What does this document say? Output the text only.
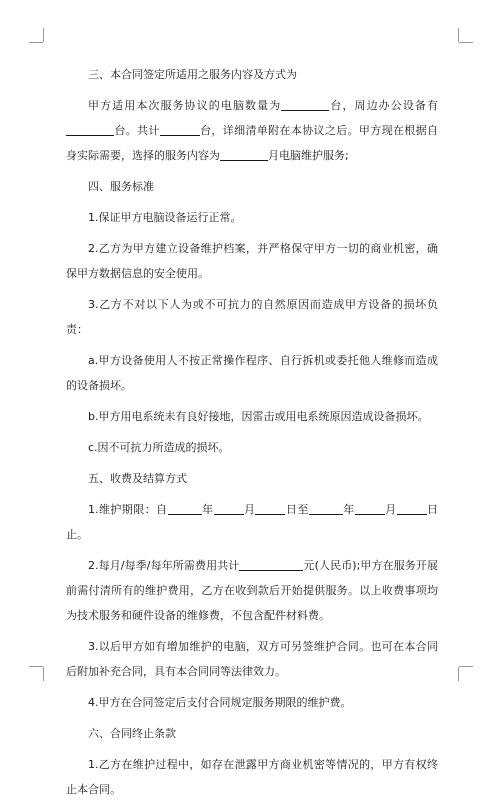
三、本合同签定所适用之服务内容及方式为

甲方适用本次服务协议的电脑数量为	台，周边办公设备有台。共计	台，详细清单附在本协议之后。甲方现在根据自身实际需要，选择的服务内容为	月电脑维护服务;

四、服务标准

1.保证甲方电脑设备运行正常。

2.乙方为甲方建立设备维护档案，并严格保守甲方一切的商业机密，确保甲方数据信息的安全使用。

3.乙方不对以下人为或不可抗力的自然原因而造成甲方设备的损坏负责：

a.甲方设备使用人不按正常操作程序、自行拆机或委托他人维修而造成的设备损坏。

b.甲方用电系统未有良好接地，因雷击或用电系统原因造成设备损坏。

c.因不可抗力所造成的损坏。

五、收费及结算方式

1.维护期限：自	年	月	日至	年	月	日止。

2.每月/每季/每年所需费用共计	元(人民币);甲方在服务开展前需付清所有的维护费用，乙方在收到款后开始提供服务。以上收费事项均为技术服务和硬件设备的维修费，不包含配件材料费。

3.以后甲方如有增加维护的电脑，双方可另签维护合同。也可在本合同后附加补充合同，具有本合同同等法律效力。

4.甲方在合同签定后支付合同规定服务期限的维护费。

六、合同终止条款

1.乙方在维护过程中，如存在泄露甲方商业机密等情况的，甲方有权终止本合同。
